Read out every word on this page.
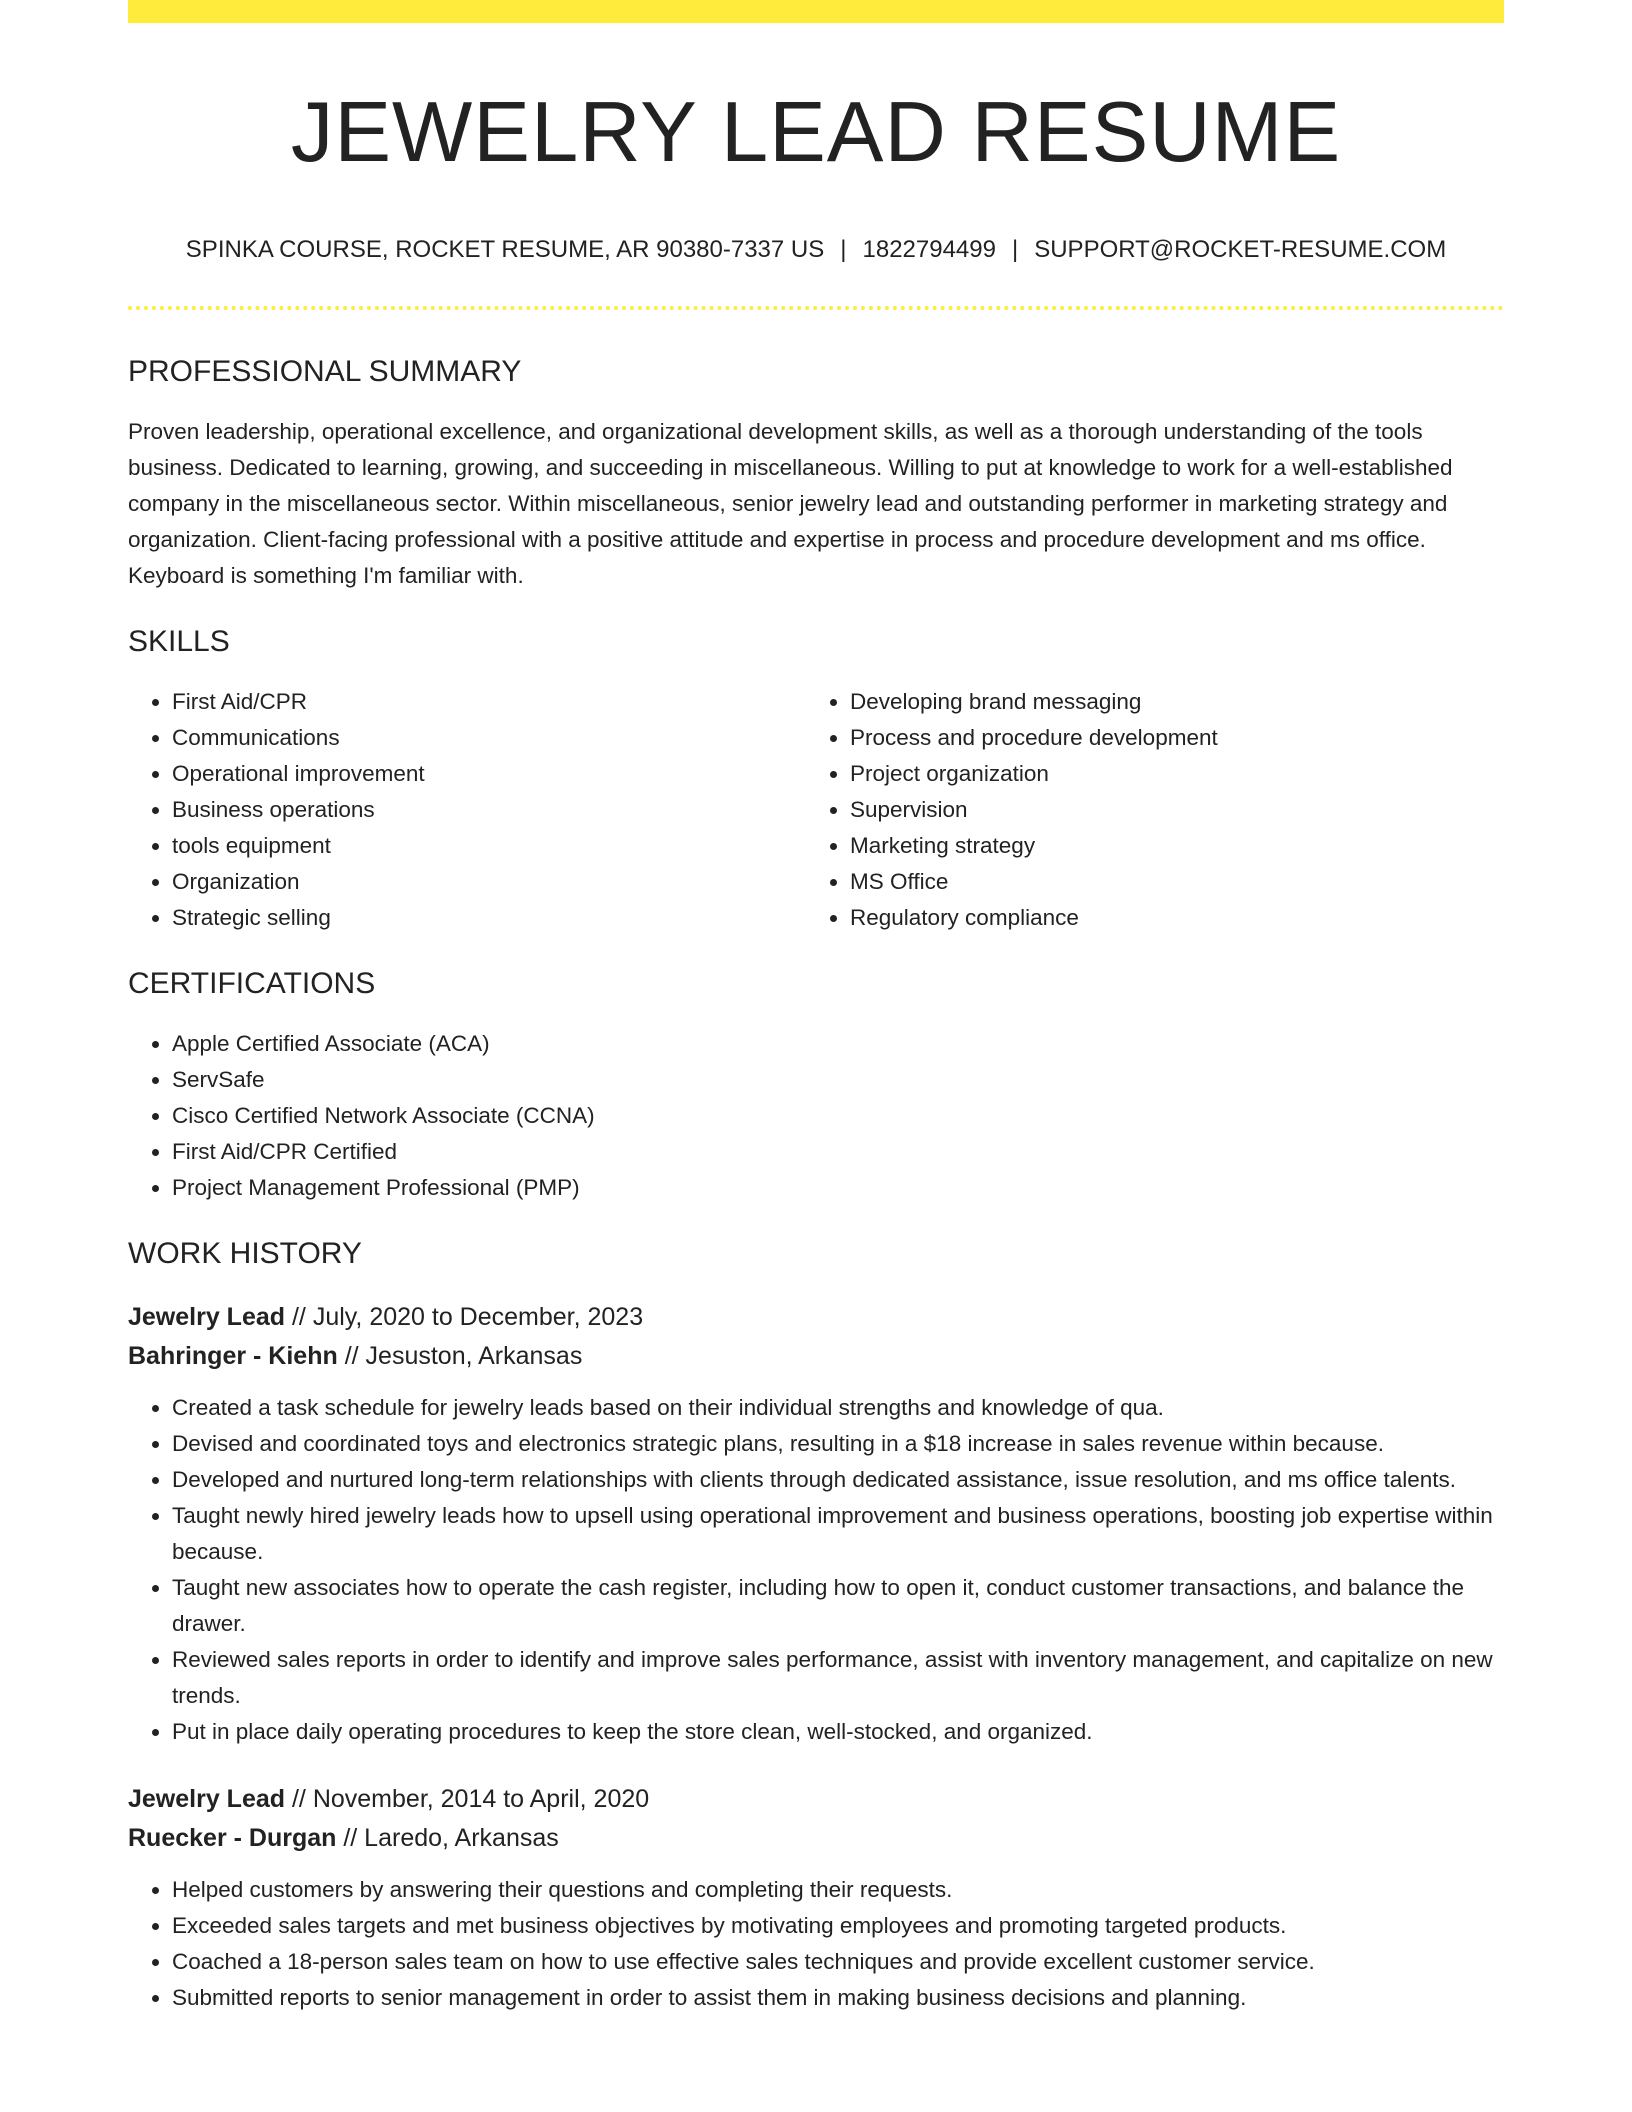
JEWELRY LEAD RESUME
SPINKA COURSE, ROCKET RESUME, AR 90380-7337 US | 1822794499 | SUPPORT@ROCKET-RESUME.COM
PROFESSIONAL SUMMARY
Proven leadership, operational excellence, and organizational development skills, as well as a thorough understanding of the tools business. Dedicated to learning, growing, and succeeding in miscellaneous. Willing to put at knowledge to work for a well-established company in the miscellaneous sector. Within miscellaneous, senior jewelry lead and outstanding performer in marketing strategy and organization. Client-facing professional with a positive attitude and expertise in process and procedure development and ms office. Keyboard is something I'm familiar with.
SKILLS
• First Aid/CPR
• Communications
• Operational improvement
• Business operations
• tools equipment
• Organization
• Strategic selling
• Developing brand messaging
• Process and procedure development
• Project organization
• Supervision
• Marketing strategy
• MS Office
• Regulatory compliance
CERTIFICATIONS
• Apple Certified Associate (ACA)
• ServSafe
• Cisco Certified Network Associate (CCNA)
• First Aid/CPR Certified
• Project Management Professional (PMP)
WORK HISTORY
Jewelry Lead // July, 2020 to December, 2023
Bahringer - Kiehn // Jesuston, Arkansas
• Created a task schedule for jewelry leads based on their individual strengths and knowledge of qua.
• Devised and coordinated toys and electronics strategic plans, resulting in a $18 increase in sales revenue within because.
• Developed and nurtured long-term relationships with clients through dedicated assistance, issue resolution, and ms office talents.
• Taught newly hired jewelry leads how to upsell using operational improvement and business operations, boosting job expertise within because.
• Taught new associates how to operate the cash register, including how to open it, conduct customer transactions, and balance the drawer.
• Reviewed sales reports in order to identify and improve sales performance, assist with inventory management, and capitalize on new trends.
• Put in place daily operating procedures to keep the store clean, well-stocked, and organized.
Jewelry Lead // November, 2014 to April, 2020
Ruecker - Durgan // Laredo, Arkansas
• Helped customers by answering their questions and completing their requests.
• Exceeded sales targets and met business objectives by motivating employees and promoting targeted products.
• Coached a 18-person sales team on how to use effective sales techniques and provide excellent customer service.
• Submitted reports to senior management in order to assist them in making business decisions and planning.
